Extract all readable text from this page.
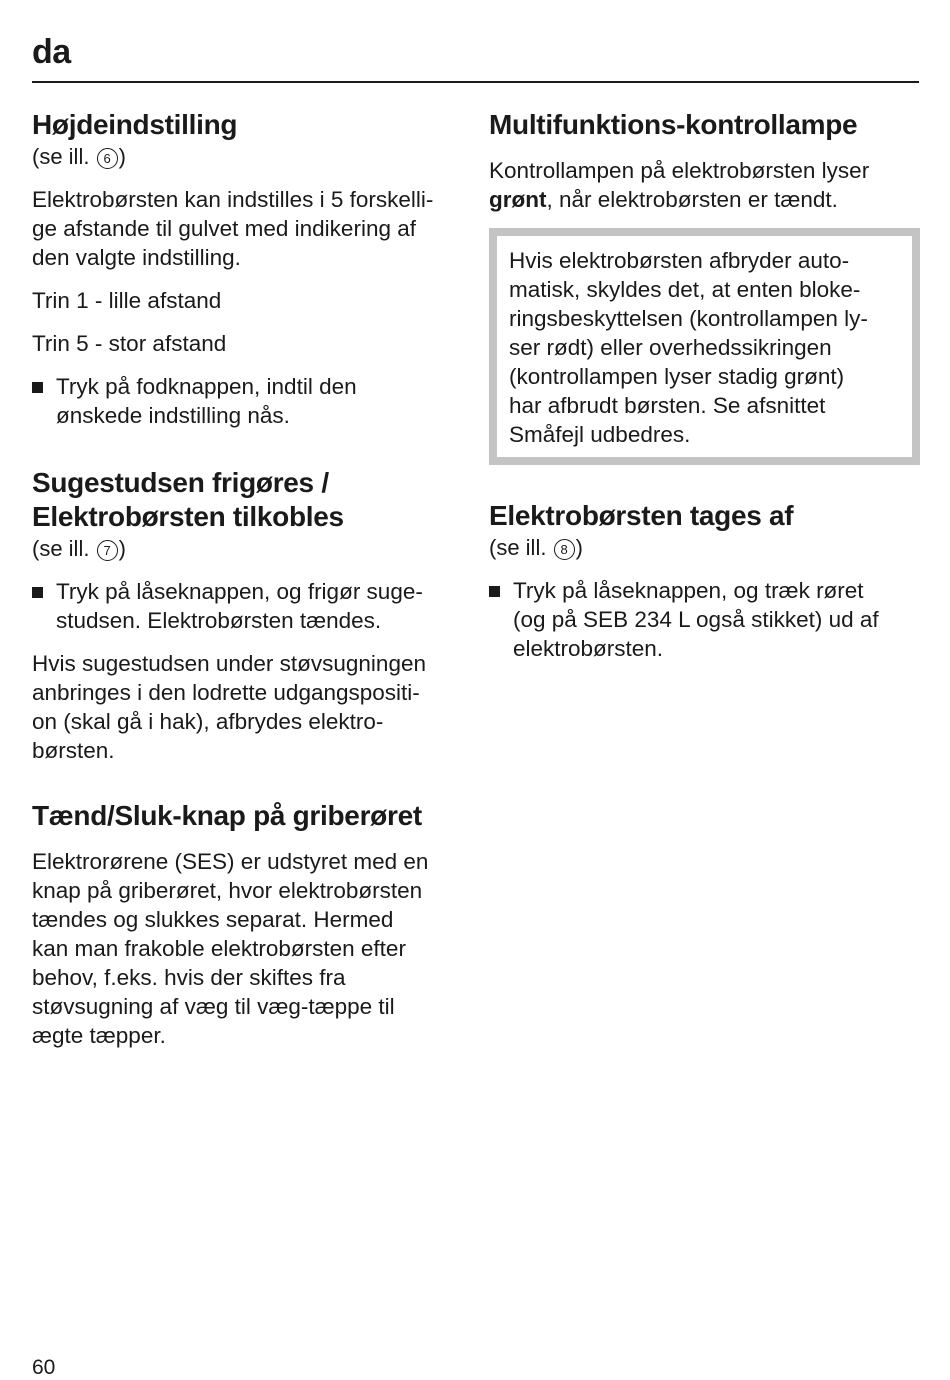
da
Højdeindstilling
(se ill. 6 )

Elektrobørsten kan indstilles i 5 forskelli-
ge afstande til gulvet med indikering af
den valgte indstilling.

Trin 1 - lille afstand

Trin 5 - stor afstand

Tryk på fodknappen, indtil den
ønskede indstilling nås.
Sugestudsen frigøres /
Elektrobørsten tilkobles
(se ill. 7 )
Tryk på låseknappen, og frigør suge-
studsen. Elektrobørsten tændes.

Hvis sugestudsen under støvsugningen
anbringes i den lodrette udgangspositi-
on (skal gå i hak), afbrydes elektro-
børsten.

Tænd/Sluk-knap på griberøret

Elektrorørene (SES) er udstyret med en
knap på griberøret, hvor elektrobørsten
tændes og slukkes separat. Hermed
kan man frakoble elektrobørsten efter
behov, f.eks. hvis der skiftes fra
støvsugning af væg til væg-tæppe til
ægte tæpper.

Multifunktions-kontrollampe

Kontrollampen på elektrobørsten lyser
grønt, når elektrobørsten er tændt.

Hvis elektrobørsten afbryder auto-
matisk, skyldes det, at enten bloke-
ringsbeskyttelsen (kontrollampen ly-
ser rødt) eller overhedssikringen
(kontrollampen lyser stadig grønt)
har afbrudt børsten. Se afsnittet
Småfejl udbedres.
Elektrobørsten tages af
(se ill. 8 )
Tryk på låseknappen, og træk røret
(og på SEB 234 L også stikket) ud af
elektrobørsten.
60
